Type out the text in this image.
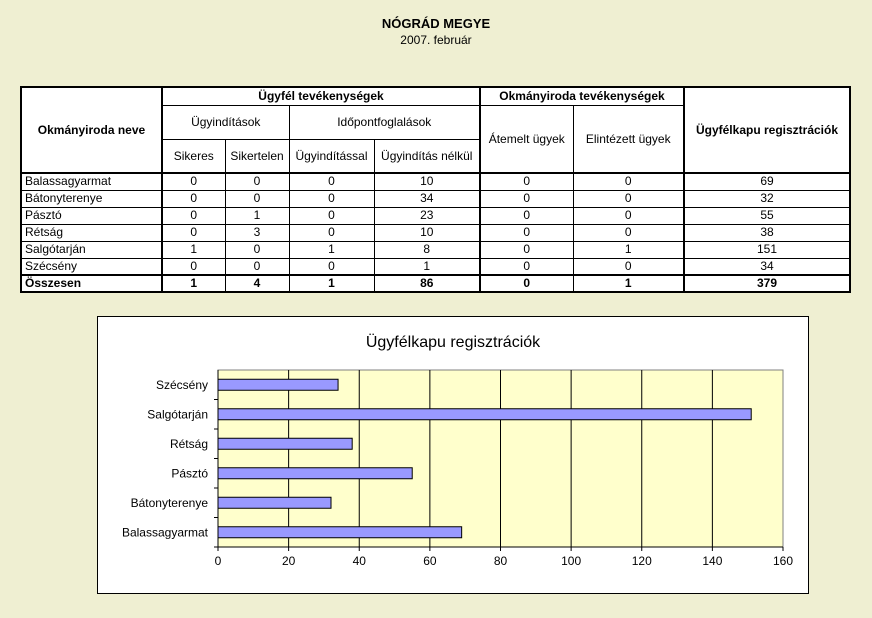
NÓGRÁD MEGYE
2007. február
Okmányiroda neve	Ügyfél tevékenységek				Okmányiroda tevékenységek		Ügyfélkapu regisztrációk
	Ügyindítások		Időpontfoglalások		Átemelt ügyek	Elintézett ügyek	
	Sikeres	Sikertelen	Ügyindítással	Ügyindítás nélkül			
Balassagyarmat	0	0	0	10	0	0	69
Bátonyterenye	0	0	0	34	0	0	32
Pásztó	0	1	0	23	0	0	55
Rétság	0	3	0	10	0	0	38
Salgótarján	1	0	1	8	0	1	151
Szécsény	0	0	0	1	0	0	34
Összesen	1	4	1	86	0	1	379
Ügyfélkapu regisztrációk
0	20	40	60	80	100	120	140	160
Balassagyarmat
Bátonyterenye
Pásztó
Rétság
Salgótarján
Szécsény
